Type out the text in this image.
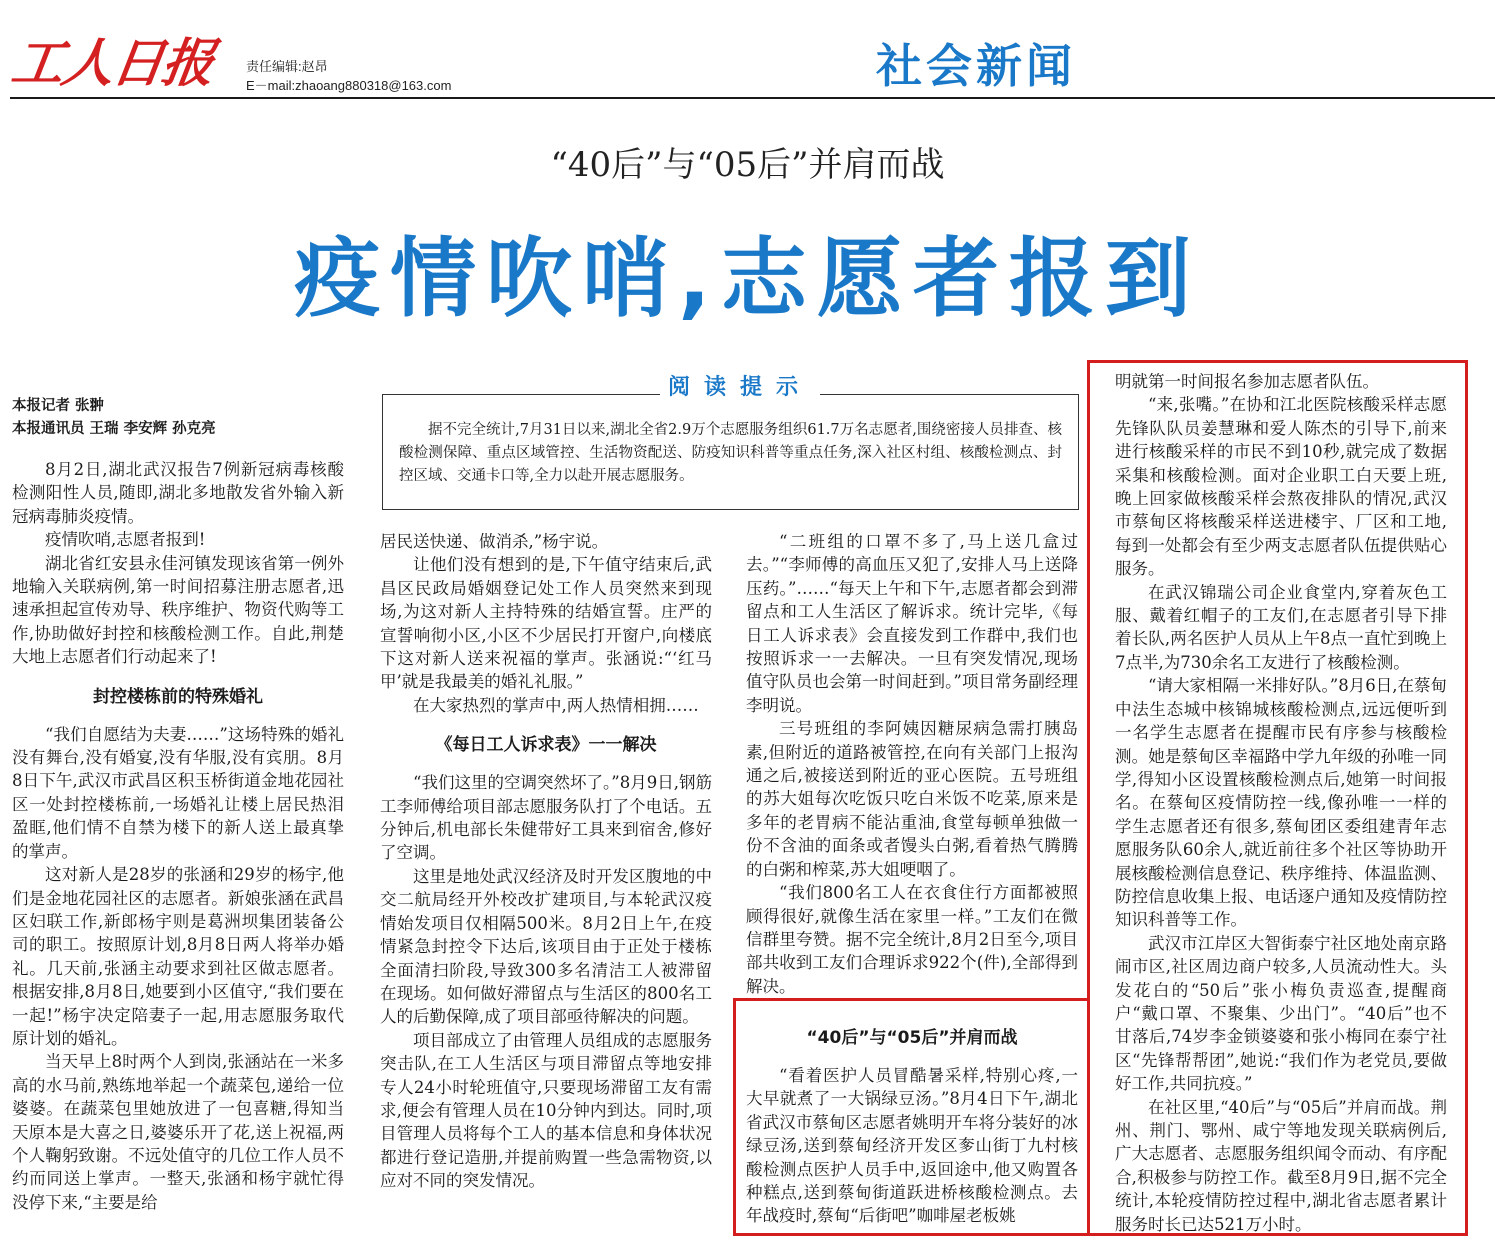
工人日报 责任编辑:赵昂
E－mail:zhaoang880318@163.com	社会新闻
“40后”与“05后”并肩而战
疫情吹哨,志愿者报到
阅读提示

据不完全统计,7月31日以来,湖北全省2.9万个志愿服务组织61.7万名志愿者,围绕密接人员排查、核酸检测保障、重点区域管控、生活物资配送、防疫知识科普等重点任务,深入社区村组、核酸检测点、封控区域、交通卡口等,全力以赴开展志愿服务。

本报记者 张翀
本报通讯员 王瑞 李安辉 孙克亮

8月2日,湖北武汉报告7例新冠病毒核酸检测阳性人员,随即,湖北多地散发省外输入新冠病毒肺炎疫情。

疫情吹哨,志愿者报到!

湖北省红安县永佳河镇发现该省第一例外地输入关联病例,第一时间招募注册志愿者,迅速承担起宣传劝导、秩序维护、物资代购等工作,协助做好封控和核酸检测工作。自此,荆楚大地上志愿者们行动起来了!

封控楼栋前的特殊婚礼

“我们自愿结为夫妻……”这场特殊的婚礼没有舞台,没有婚宴,没有华服,没有宾朋。8月8日下午,武汉市武昌区积玉桥街道金地花园社区一处封控楼栋前,一场婚礼让楼上居民热泪盈眶,他们情不自禁为楼下的新人送上最真挚的掌声。

这对新人是28岁的张涵和29岁的杨宇,他们是金地花园社区的志愿者。新娘张涵在武昌区妇联工作,新郎杨宇则是葛洲坝集团装备公司的职工。按照原计划,8月8日两人将举办婚礼。几天前,张涵主动要求到社区做志愿者。根据安排,8月8日,她要到小区值守,“我们要在一起!”杨宇决定陪妻子一起,用志愿服务取代原计划的婚礼。

当天早上8时两个人到岗,张涵站在一米多高的水马前,熟练地举起一个蔬菜包,递给一位婆婆。在蔬菜包里她放进了一包喜糖,得知当天原本是大喜之日,婆婆乐开了花,送上祝福,两个人鞠躬致谢。不远处值守的几位工作人员不约而同送上掌声。一整天,张涵和杨宇就忙得没停下来,“主要是给

居民送快递、做消杀,”杨宇说。

让他们没有想到的是,下午值守结束后,武昌区民政局婚姻登记处工作人员突然来到现场,为这对新人主持特殊的结婚宣誓。庄严的宣誓响彻小区,小区不少居民打开窗户,向楼底下这对新人送来祝福的掌声。张涵说:“‘红马甲’就是我最美的婚礼礼服。”

在大家热烈的掌声中,两人热情相拥……

《每日工人诉求表》一一解决

“我们这里的空调突然坏了。”8月9日,钢筋工李师傅给项目部志愿服务队打了个电话。五分钟后,机电部长朱健带好工具来到宿舍,修好了空调。

这里是地处武汉经济及时开发区腹地的中交二航局经开外校改扩建项目,与本轮武汉疫情始发项目仅相隔500米。8月2日上午,在疫情紧急封控令下达后,该项目由于正处于楼栋全面清扫阶段,导致300多名清洁工人被滞留在现场。如何做好滞留点与生活区的800名工人的后勤保障,成了项目部亟待解决的问题。

项目部成立了由管理人员组成的志愿服务突击队,在工人生活区与项目滞留点等地安排专人24小时轮班值守,只要现场滞留工友有需求,便会有管理人员在10分钟内到达。同时,项目管理人员将每个工人的基本信息和身体状况都进行登记造册,并提前购置一些急需物资,以应对不同的突发情况。

“二班组的口罩不多了,马上送几盒过去。”“李师傅的高血压又犯了,安排人马上送降压药。”……“每天上午和下午,志愿者都会到滞留点和工人生活区了解诉求。统计完毕,《每日工人诉求表》会直接发到工作群中,我们也按照诉求一一去解决。一旦有突发情况,现场值守队员也会第一时间赶到。”项目常务副经理李明说。

三号班组的李阿姨因糖尿病急需打胰岛素,但附近的道路被管控,在向有关部门上报沟通之后,被接送到附近的亚心医院。五号班组的苏大姐每次吃饭只吃白米饭不吃菜,原来是多年的老胃病不能沾重油,食堂每顿单独做一份不含油的面条或者馒头白粥,看着热气腾腾的白粥和榨菜,苏大姐哽咽了。

“我们800名工人在衣食住行方面都被照顾得很好,就像生活在家里一样。”工友们在微信群里夸赞。据不完全统计,8月2日至今,项目部共收到工友们合理诉求922个(件),全部得到解决。

“40后”与“05后”并肩而战

“看着医护人员冒酷暑采样,特别心疼,一大早就煮了一大锅绿豆汤。”8月4日下午,湖北省武汉市蔡甸区志愿者姚明开车将分装好的冰绿豆汤,送到蔡甸经济开发区奓山街丁九村核酸检测点医护人员手中,返回途中,他又购置各种糕点,送到蔡甸街道跃进桥核酸检测点。去年战疫时,蔡甸“后街吧”咖啡屋老板姚

明就第一时间报名参加志愿者队伍。

“来,张嘴。”在协和江北医院核酸采样志愿先锋队队员姜慧琳和爱人陈杰的引导下,前来进行核酸采样的市民不到10秒,就完成了数据采集和核酸检测。面对企业职工白天要上班,晚上回家做核酸采样会熬夜排队的情况,武汉市蔡甸区将核酸采样送进楼宇、厂区和工地,每到一处都会有至少两支志愿者队伍提供贴心服务。

在武汉锦瑞公司企业食堂内,穿着灰色工服、戴着红帽子的工友们,在志愿者引导下排着长队,两名医护人员从上午8点一直忙到晚上7点半,为730余名工友进行了核酸检测。

“请大家相隔一米排好队。”8月6日,在蔡甸中法生态城中核锦城核酸检测点,远远便听到一名学生志愿者在提醒市民有序参与核酸检测。她是蔡甸区幸福路中学九年级的孙唯一同学,得知小区设置核酸检测点后,她第一时间报名。在蔡甸区疫情防控一线,像孙唯一一样的学生志愿者还有很多,蔡甸团区委组建青年志愿服务队60余人,就近前往多个社区等协助开展核酸检测信息登记、秩序维持、体温监测、防控信息收集上报、电话逐户通知及疫情防控知识科普等工作。

武汉市江岸区大智街泰宁社区地处南京路闹市区,社区周边商户较多,人员流动性大。头发花白的“50后”张小梅负责巡查,提醒商户“戴口罩、不聚集、少出门”。“40后”也不甘落后,74岁李金锁婆婆和张小梅同在泰宁社区“先锋帮帮团”,她说:“我们作为老党员,要做好工作,共同抗疫。”

在社区里,“40后”与“05后”并肩而战。荆州、荆门、鄂州、咸宁等地发现关联病例后,广大志愿者、志愿服务组织闻令而动、有序配合,积极参与防控工作。截至8月9日,据不完全统计,本轮疫情防控过程中,湖北省志愿者累计服务时长已达521万小时。
